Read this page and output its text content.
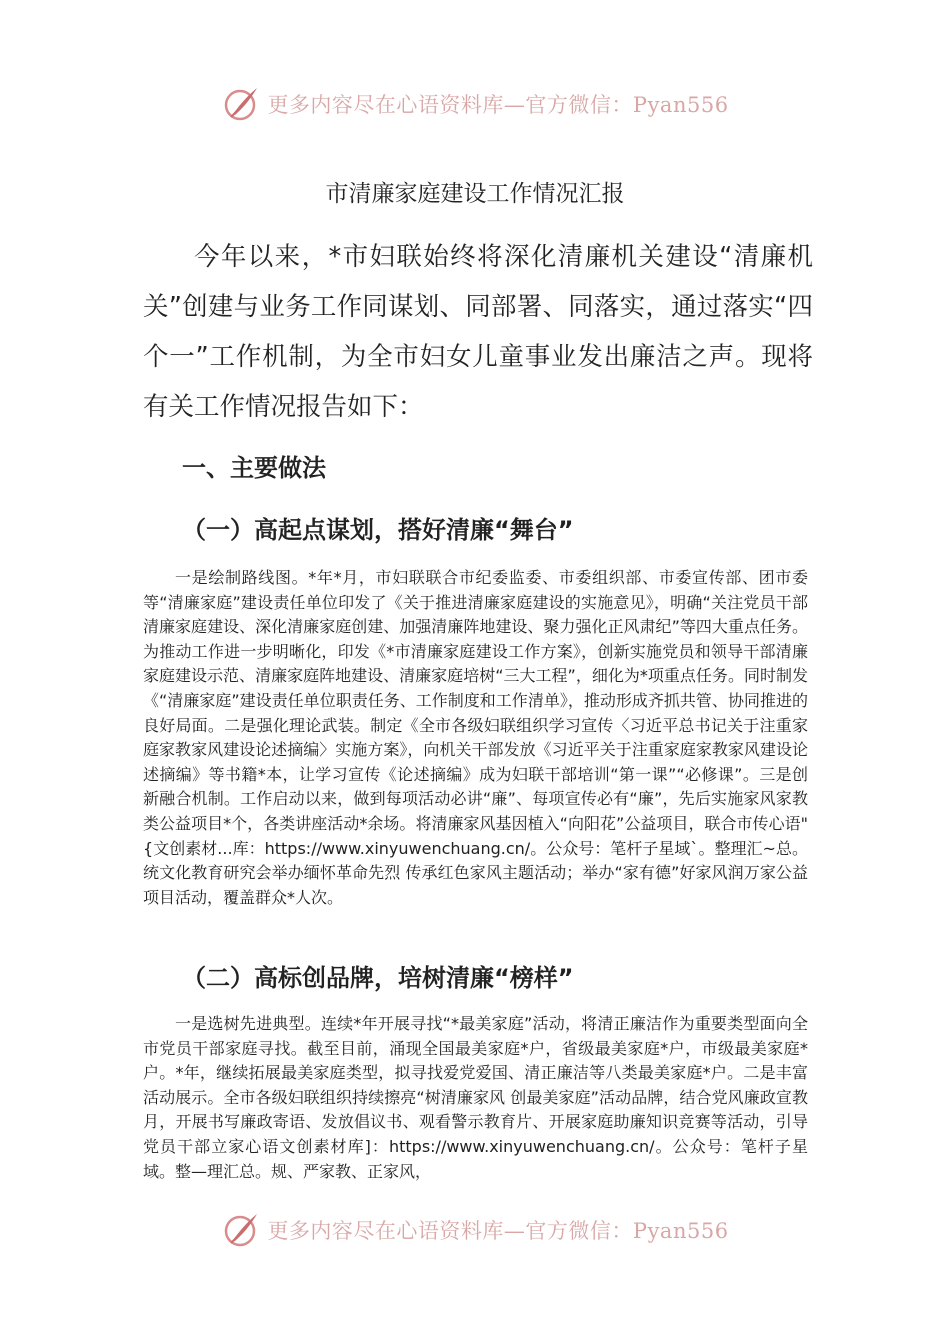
更多内容尽在心语资料库—官方微信：Pyan556
市清廉家庭建设工作情况汇报

今年以来，*市妇联始终将深化清廉机关建设“清廉机关”创建与业务工作同谋划、同部署、同落实，通过落实“四个一”工作机制，为全市妇女儿童事业发出廉洁之声。现将有关工作情况报告如下：

一、主要做法
（一）高起点谋划，搭好清廉“舞台”

一是绘制路线图。*年*月，市妇联联合市纪委监委、市委组织部、市委宣传部、团市委等“清廉家庭”建设责任单位印发了《关于推进清廉家庭建设的实施意见》，明确“关注党员干部清廉家庭建设、深化清廉家庭创建、加强清廉阵地建设、聚力强化正风肃纪”等四大重点任务。为推动工作进一步明晰化，印发《*市清廉家庭建设工作方案》，创新实施党员和领导干部清廉家庭建设示范、清廉家庭阵地建设、清廉家庭培树“三大工程”，细化为*项重点任务。同时制发《“清廉家庭”建设责任单位职责任务、工作制度和工作清单》，推动形成齐抓共管、协同推进的良好局面。二是强化理论武装。制定《全市各级妇联组织学习宣传〈习近平总书记关于注重家庭家教家风建设论述摘编〉实施方案》，向机关干部发放《习近平关于注重家庭家教家风建设论述摘编》等书籍*本，让学习宣传《论述摘编》成为妇联干部培训“第一课”“必修课”。三是创新融合机制。工作启动以来，做到每项活动必讲“廉”、每项宣传必有“廉”，先后实施家风家教类公益项目*个，各类讲座活动*余场。将清廉家风基因植入“向阳花”公益项目，联合市传心语"{文创素材...库：https://www.xinyuwenchuang.cn/。公众号：笔杆子星域`。整理汇~总。统文化教育研究会举办缅怀革命先烈 传承红色家风主题活动；举办“家有德”好家风润万家公益项目活动，覆盖群众*人次。

（二）高标创品牌，培树清廉“榜样”

一是选树先进典型。连续*年开展寻找“*最美家庭”活动，将清正廉洁作为重要类型面向全市党员干部家庭寻找。截至目前，涌现全国最美家庭*户，省级最美家庭*户，市级最美家庭*户。*年，继续拓展最美家庭类型，拟寻找爱党爱国、清正廉洁等八类最美家庭*户。二是丰富活动展示。全市各级妇联组织持续擦亮“树清廉家风 创最美家庭”活动品牌，结合党风廉政宣教月，开展书写廉政寄语、发放倡议书、观看警示教育片、开展家庭助廉知识竞赛等活动，引导党员干部立家心语文创素材库]：https://www.xinyuwenchuang.cn/。公众号：笔杆子星域。整—理汇总。规、严家教、正家风，

更多内容尽在心语资料库—官方微信：Pyan556
